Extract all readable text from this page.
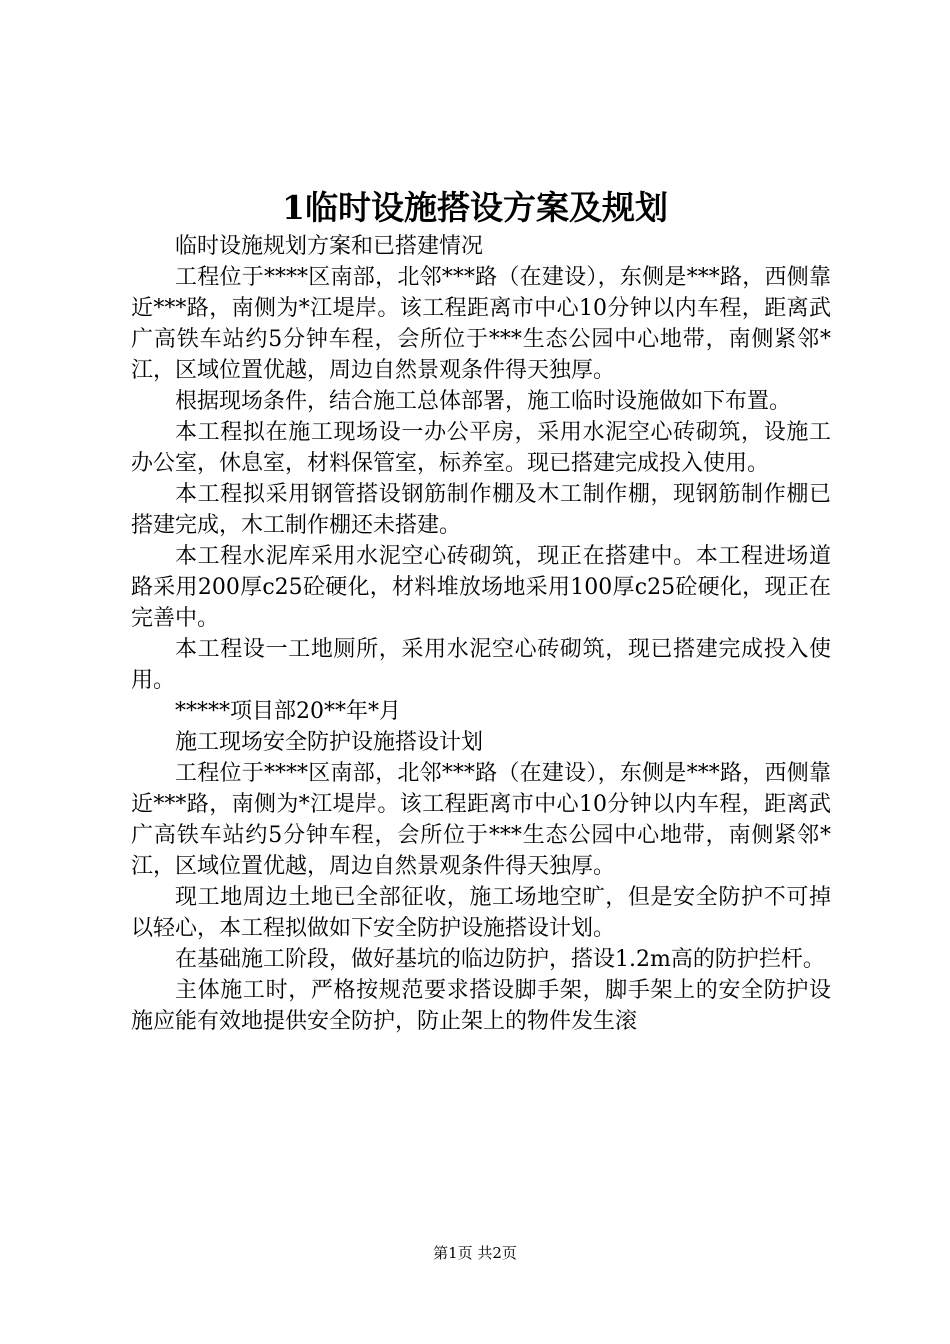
1临时设施搭设方案及规划

临时设施规划方案和已搭建情况

工程位于****区南部，北邻***路（在建设），东侧是***路，西侧靠近***路，南侧为*江堤岸。该工程距离市中心10分钟以内车程，距离武广高铁车站约5分钟车程，会所位于***生态公园中心地带，南侧紧邻*江，区域位置优越，周边自然景观条件得天独厚。

根据现场条件，结合施工总体部署，施工临时设施做如下布置。

本工程拟在施工现场设一办公平房，采用水泥空心砖砌筑，设施工办公室，休息室，材料保管室，标养室。现已搭建完成投入使用。

本工程拟采用钢管搭设钢筋制作棚及木工制作棚，现钢筋制作棚已搭建完成，木工制作棚还未搭建。

本工程水泥库采用水泥空心砖砌筑，现正在搭建中。本工程进场道路采用200厚c25砼硬化，材料堆放场地采用100厚c25砼硬化，现正在完善中。

本工程设一工地厕所，采用水泥空心砖砌筑，现已搭建完成投入使用。

*****项目部20**年*月

施工现场安全防护设施搭设计划

工程位于****区南部，北邻***路（在建设），东侧是***路，西侧靠近***路，南侧为*江堤岸。该工程距离市中心10分钟以内车程，距离武广高铁车站约5分钟车程，会所位于***生态公园中心地带，南侧紧邻*江，区域位置优越，周边自然景观条件得天独厚。

现工地周边土地已全部征收，施工场地空旷，但是安全防护不可掉以轻心，本工程拟做如下安全防护设施搭设计划。

在基础施工阶段，做好基坑的临边防护，搭设1.2m高的防护拦杆。

主体施工时，严格按规范要求搭设脚手架，脚手架上的安全防护设施应能有效地提供安全防护，防止架上的物件发生滚

第1页 共2页
